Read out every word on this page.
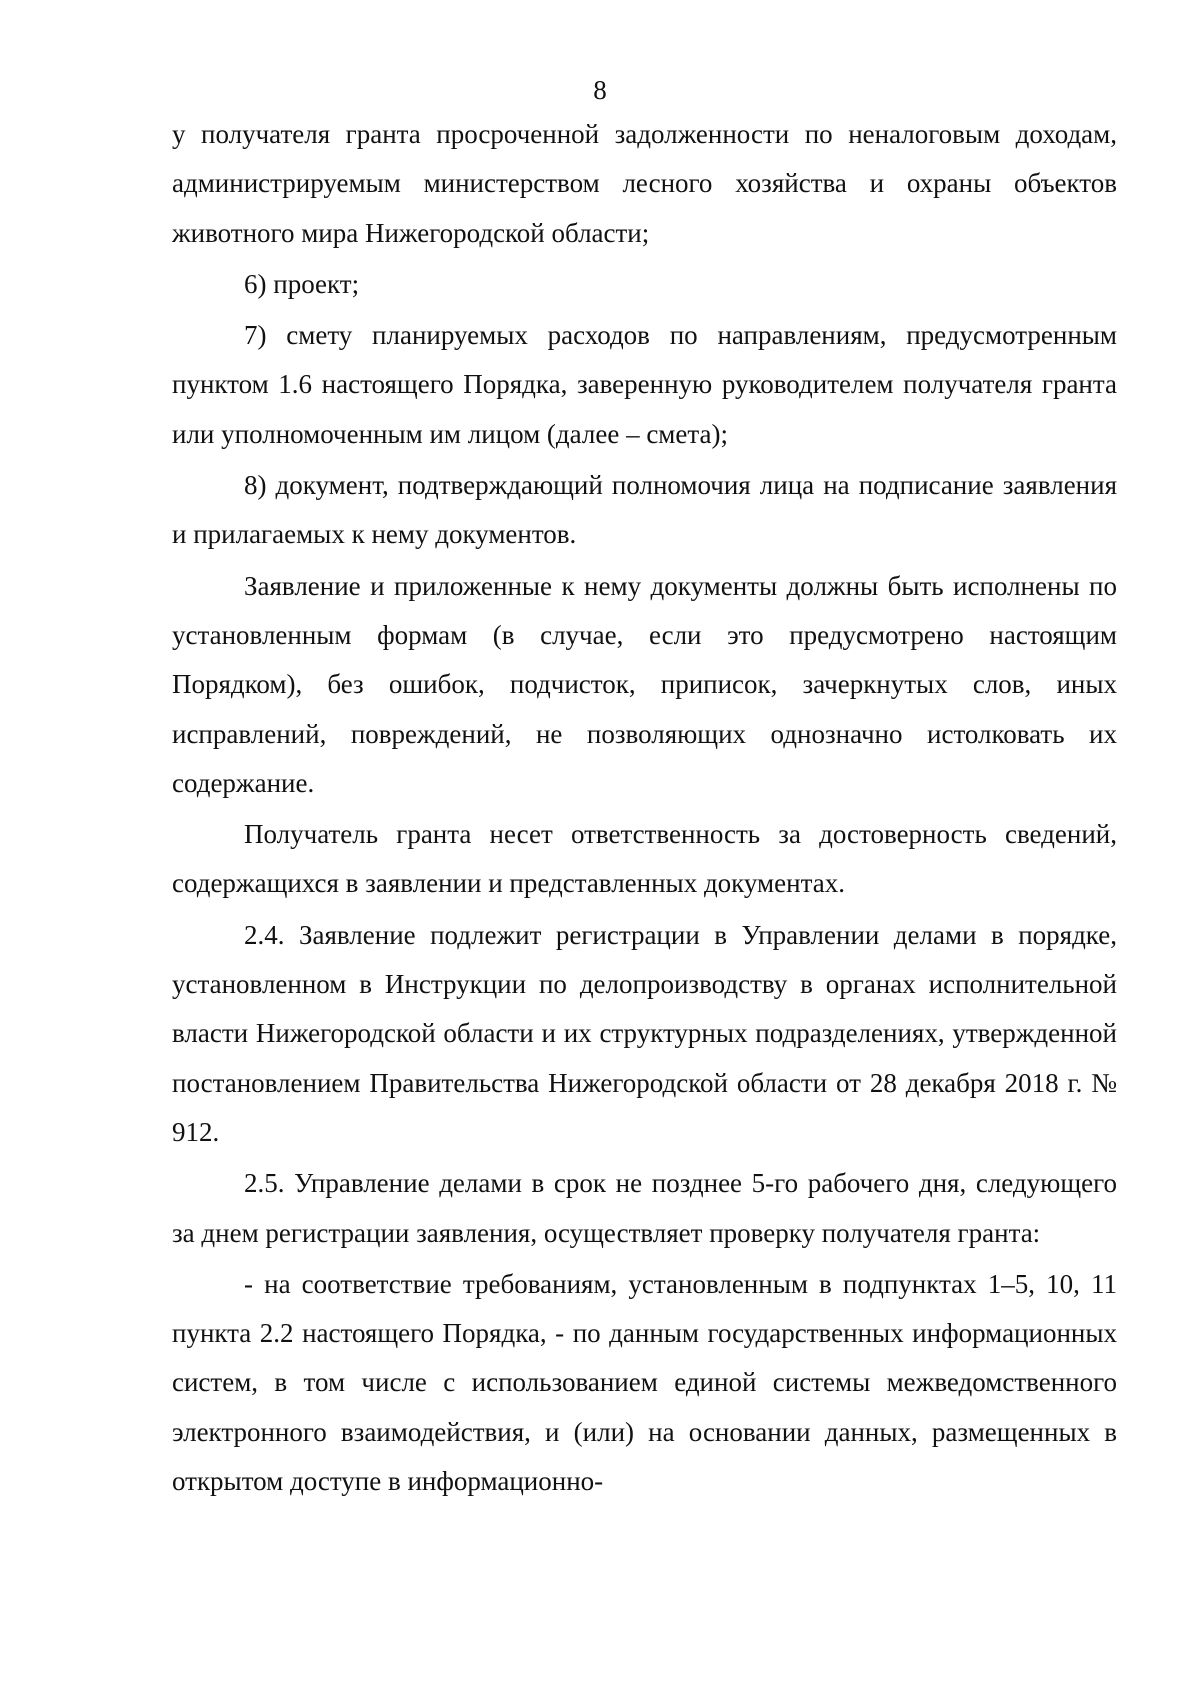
8

у получателя гранта просроченной задолженности по неналоговым доходам, администрируемым министерством лесного хозяйства и охраны объектов животного мира Нижегородской области;

6) проект;

7) смету планируемых расходов по направлениям, предусмотренным пунктом 1.6 настоящего Порядка, заверенную руководителем получателя гранта или уполномоченным им лицом (далее – смета);

8) документ, подтверждающий полномочия лица на подписание заявления и прилагаемых к нему документов.

Заявление и приложенные к нему документы должны быть исполнены по установленным формам (в случае, если это предусмотрено настоящим Порядком), без ошибок, подчисток, приписок, зачеркнутых слов, иных исправлений, повреждений, не позволяющих однозначно истолковать их содержание.

Получатель гранта несет ответственность за достоверность сведений, содержащихся в заявлении и представленных документах.

2.4. Заявление подлежит регистрации в Управлении делами в порядке, установленном в Инструкции по делопроизводству в органах исполнительной власти Нижегородской области и их структурных подразделениях, утвержденной постановлением Правительства Нижегородской области от 28 декабря 2018 г. № 912.

2.5. Управление делами в срок не позднее 5-го рабочего дня, следующего за днем регистрации заявления, осуществляет проверку получателя гранта:

- на соответствие требованиям, установленным в подпунктах 1–5, 10, 11 пункта 2.2 настоящего Порядка, - по данным государственных информационных систем, в том числе с использованием единой системы межведомственного электронного взаимодействия, и (или) на основании данных, размещенных в открытом доступе в информационно-
